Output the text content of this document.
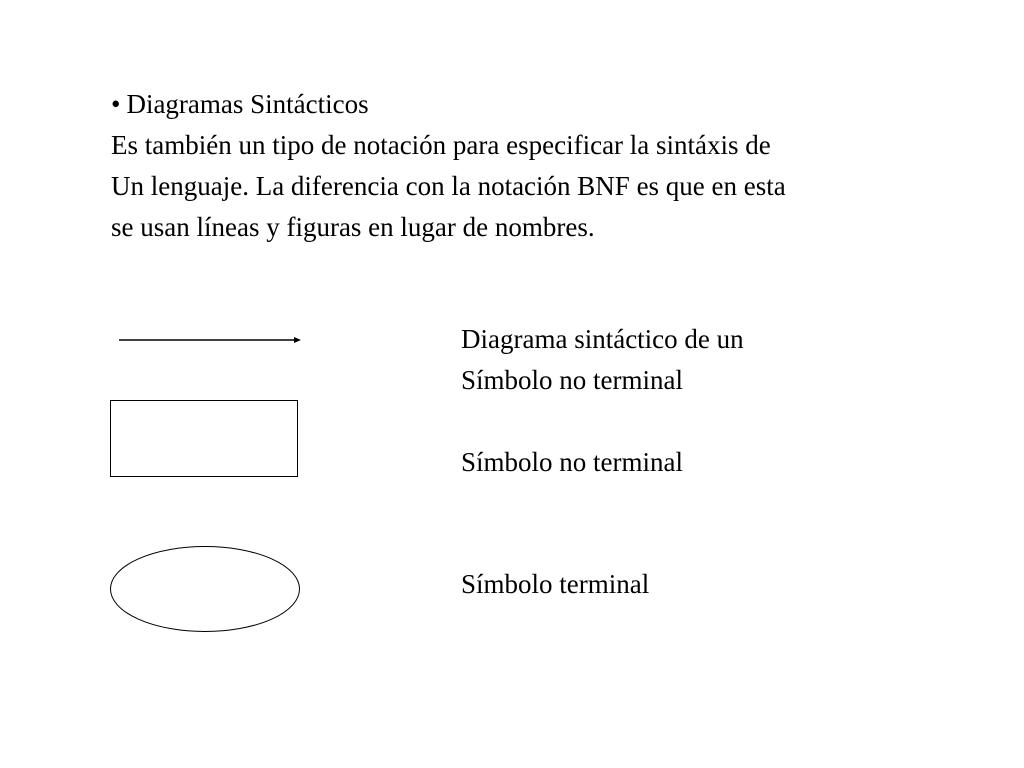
• Diagramas Sintácticos
Es también un tipo de notación para especificar la sintáxis de
Un lenguaje. La diferencia con la notación BNF es que en esta
se usan líneas y figuras en lugar de nombres.
Diagrama sintáctico de un
Símbolo no terminal
Símbolo no terminal
Símbolo terminal
